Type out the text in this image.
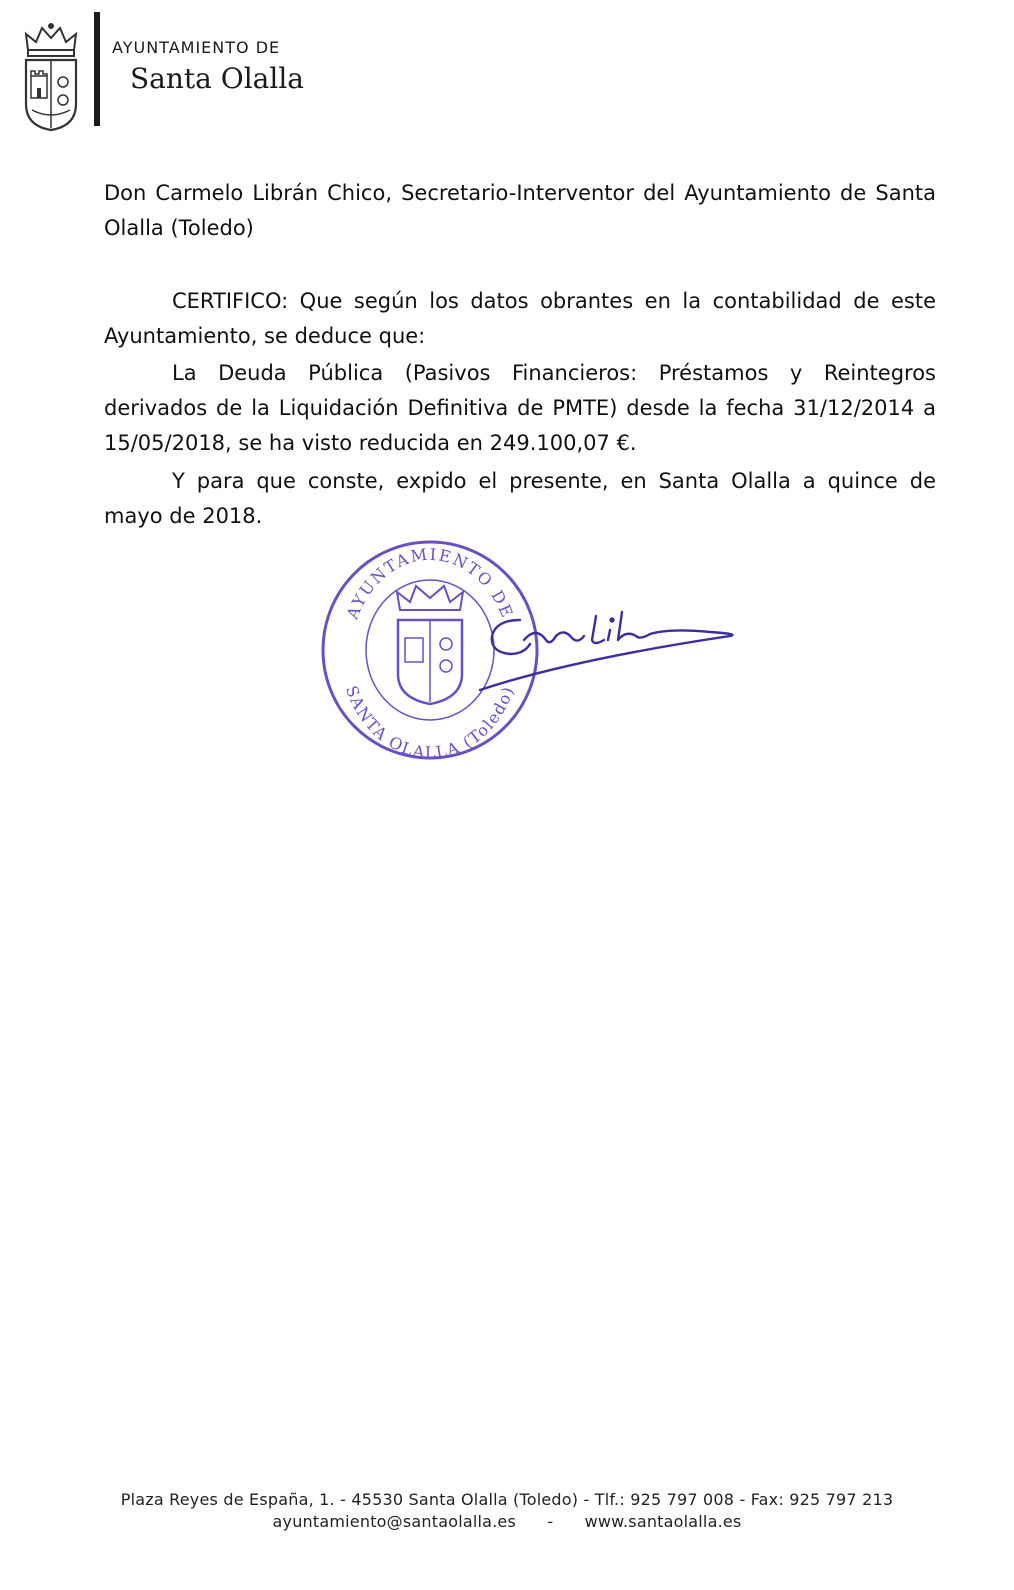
AYUNTAMIENTO DE
Santa Olalla
Don Carmelo Librán Chico, Secretario-Interventor del Ayuntamiento de Santa Olalla (Toledo)
CERTIFICO: Que según los datos obrantes en la contabilidad de este Ayuntamiento, se deduce que:
La Deuda Pública (Pasivos Financieros: Préstamos y Reintegros derivados de la Liquidación Definitiva de PMTE) desde la fecha 31/12/2014 a 15/05/2018, se ha visto reducida en 249.100,07 €.
Y para que conste, expido el presente, en Santa Olalla a quince de mayo de 2018.
AYUNTAMIENTO DE
SANTA OLALLA (Toledo)
Plaza Reyes de España, 1. - 45530 Santa Olalla (Toledo) - Tlf.: 925 797 008 - Fax: 925 797 213
ayuntamiento@santaolalla.es - www.santaolalla.es
